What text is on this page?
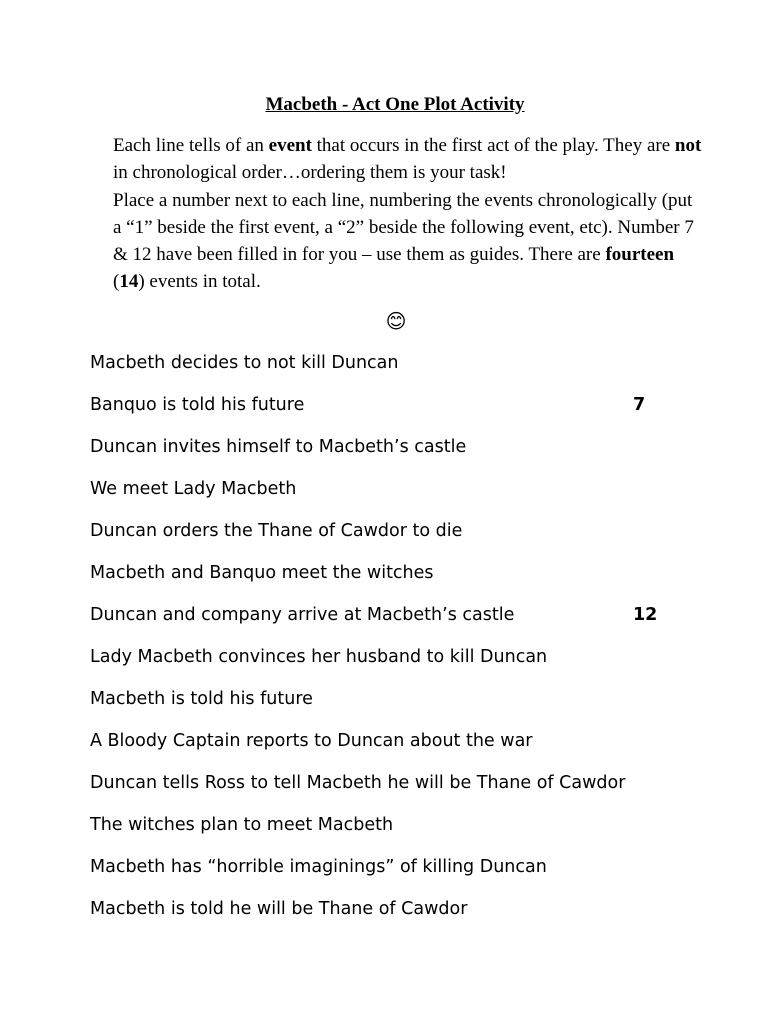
Macbeth - Act One Plot Activity

Each line tells of an event that occurs in the first act of the play. They are not in chronological order…ordering them is your task!

Place a number next to each line, numbering the events chronologically (put a “1” beside the first event, a “2” beside the following event, etc). Number 7 & 12 have been filled in for you – use them as guides. There are fourteen (14) events in total.

😊
Macbeth decides to not kill Duncan
Banquo is told his future	7
Duncan invites himself to Macbeth’s castle
We meet Lady Macbeth
Duncan orders the Thane of Cawdor to die
Macbeth and Banquo meet the witches
Duncan and company arrive at Macbeth’s castle	12
Lady Macbeth convinces her husband to kill Duncan
Macbeth is told his future
A Bloody Captain reports to Duncan about the war
Duncan tells Ross to tell Macbeth he will be Thane of Cawdor
The witches plan to meet Macbeth
Macbeth has “horrible imaginings” of killing Duncan
Macbeth is told he will be Thane of Cawdor
